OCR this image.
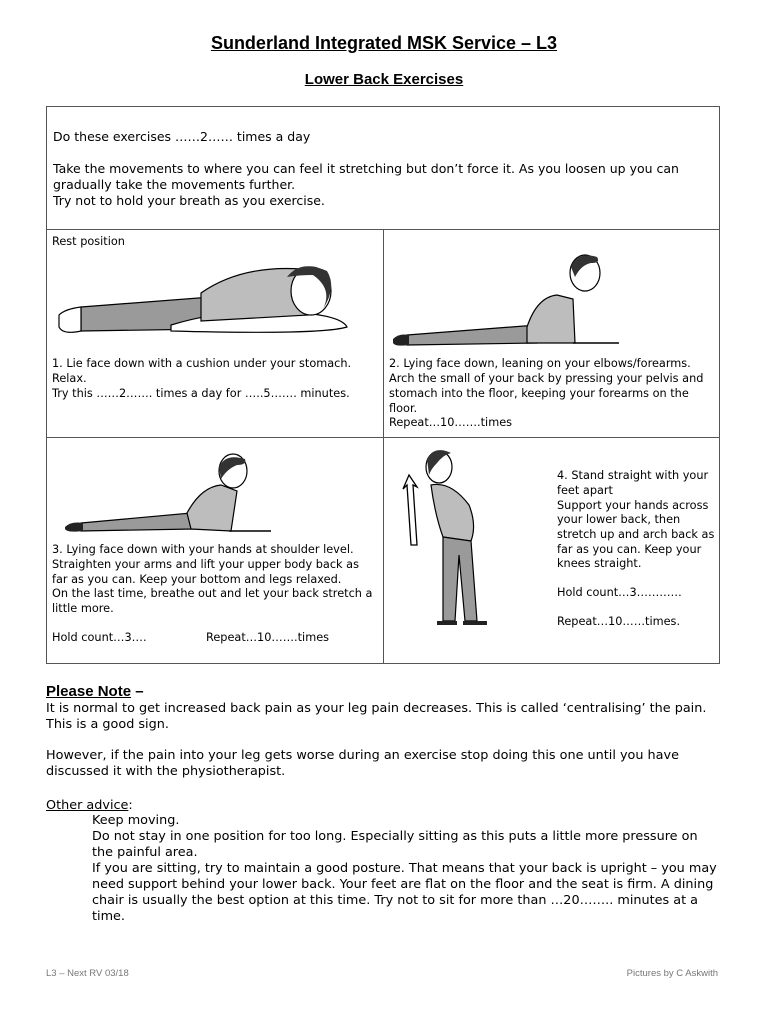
Sunderland Integrated MSK Service – L3
Lower Back Exercises
Do these exercises ……2…… times a day
Take the movements to where you can feel it stretching but don’t force it. As you loosen up you can gradually take the movements further.
Try not to hold your breath as you exercise.
Rest position
1. Lie face down with a cushion under your stomach.
Relax.
Try this ……2……. times a day for …..5……. minutes.
2. Lying face down, leaning on your elbows/forearms.
Arch the small of your back by pressing your pelvis and
stomach into the floor, keeping your forearms on the
floor.
Repeat…10…….times
3. Lying face down with your hands at shoulder level.
Straighten your arms and lift your upper body back as
far as you can. Keep your bottom and legs relaxed.
On the last time, breathe out and let your back stretch a
little more.
Hold count…3….	Repeat…10…….times
4. Stand straight with your
feet apart
Support your hands across
your lower back, then
stretch up and arch back as
far as you can. Keep your
knees straight.
Hold count…3…………
Repeat…10……times.
Please Note –
It is normal to get increased back pain as your leg pain decreases. This is called ‘centralising’ the pain. This is a good sign.
However, if the pain into your leg gets worse during an exercise stop doing this one until you have discussed it with the physiotherapist.
Other advice:
Keep moving.
Do not stay in one position for too long. Especially sitting as this puts a little more pressure on the painful area.
If you are sitting, try to maintain a good posture. That means that your back is upright – you may need support behind your lower back. Your feet are flat on the floor and the seat is firm. A dining chair is usually the best option at this time. Try not to sit for more than …20…….. minutes at a time.
L3 – Next RV 03/18	Pictures by C Askwith
